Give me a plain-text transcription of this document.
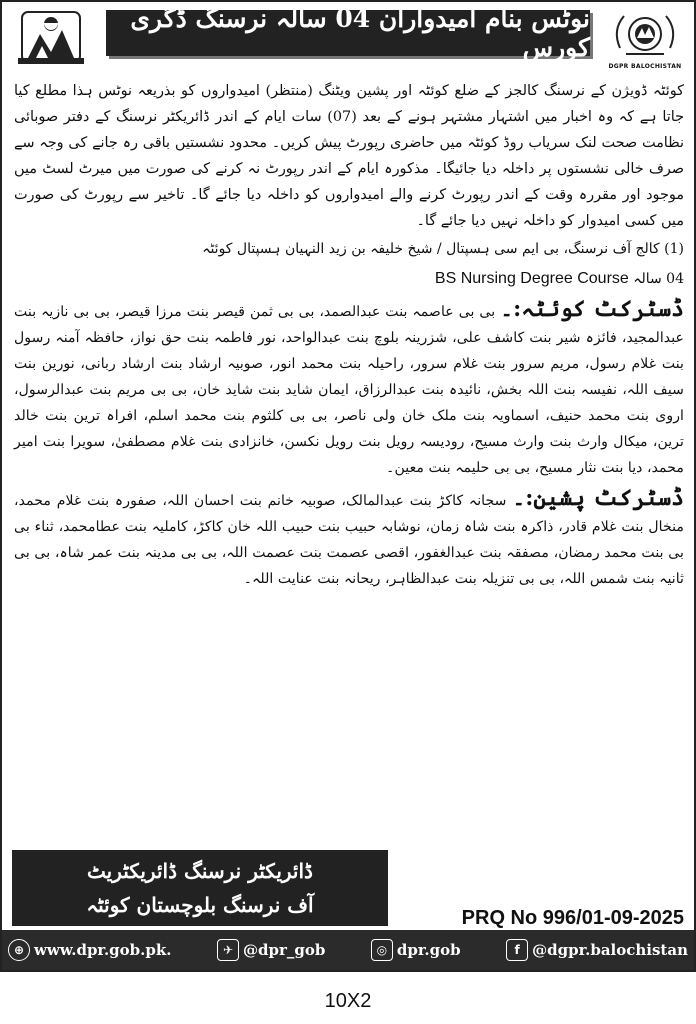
نوٹس بنام امیدواران 04 سالہ نرسنگ ڈگری کورس
DGPR BALOCHISTAN

کوئٹہ ڈویژن کے نرسنگ کالجز کے ضلع کوئٹہ اور پشین ویٹنگ (منتظر) امیدواروں کو بذریعہ نوٹس ہذا مطلع کیا جاتا ہے کہ وہ اخبار میں اشتہار مشتہر ہونے کے بعد (07) سات ایام کے اندر ڈائریکٹر نرسنگ کے دفتر صوبائی نظامت صحت لنک سریاب روڈ کوئٹہ میں حاضری رپورٹ پیش کریں۔ محدود نشستیں باقی رہ جانے کی وجہ سے صرف خالی نشستوں پر داخلہ دیا جائیگا۔ مذکورہ ایام کے اندر رپورٹ نہ کرنے کی صورت میں میرٹ لسٹ میں موجود اور مقررہ وقت کے اندر رپورٹ کرنے والے امیدواروں کو داخلہ دیا جائے گا۔ تاخیر سے رپورٹ کی صورت میں کسی امیدوار کو داخلہ نہیں دیا جائے گا۔

(1) کالج آف نرسنگ، بی ایم سی ہسپتال / شیخ خلیفہ بن زید النہیان ہسپتال کوئٹہ

04 سالہ BS Nursing Degree Course

ڈسٹرکٹ کوئٹہ:۔ بی بی عاصمہ بنت عبدالصمد، بی بی ثمن قیصر بنت مرزا قیصر، بی بی نازیہ بنت عبدالمجید، فائزہ شیر بنت کاشف علی، شزرینہ بلوچ بنت عبدالواحد، نور فاطمہ بنت حق نواز، حافظہ آمنہ رسول بنت غلام رسول، مریم سرور بنت غلام سرور، راحیلہ بنت محمد انور، صوبیہ ارشاد بنت ارشاد ربانی، نورین بنت سیف اللہ، نفیسہ بنت اللہ بخش، نائیدہ بنت عبدالرزاق، ایمان شاید بنت شاید خان، بی بی مریم بنت عبدالرسول، اروی بنت محمد حنیف، اسماویہ بنت ملک خان ولی ناصر، بی بی کلثوم بنت محمد اسلم، افراہ ترین بنت خالد ترین، میکال وارث بنت وارث مسیح، رودیسہ رویل بنت رویل نکسن، خانزادی بنت غلام مصطفیٰ، سویرا بنت امیر محمد، دیا بنت نثار مسیح، بی بی حلیمہ بنت معین۔

ڈسٹرکٹ پشین:۔ سجانہ کاکڑ بنت عبدالمالک، صوبیہ خانم بنت احسان اللہ، صفورہ بنت غلام محمد، منخال بنت غلام قادر، ذاکرہ بنت شاہ زمان، نوشابہ حبیب بنت حبیب اللہ خان کاکڑ، کاملیہ بنت عطامحمد، ثناء بی بی بنت محمد رمضان، مصفقہ بنت عبدالغفور، اقصی عصمت بنت عصمت اللہ، بی بی مدینہ بنت عمر شاہ، بی بی ثانیہ بنت شمس اللہ، بی بی تنزیلہ بنت عبدالظاہر، ریحانہ بنت عنایت اللہ۔

ڈائریکٹر نرسنگ ڈائریکٹریٹ
آف نرسنگ بلوچستان کوئٹہ
PRQ No 996/01-09-2025
⊕ www.dpr.gob.pk.	✈ @dpr_gob	◎ dpr.gob	f @dgpr.balochistan
10X2
